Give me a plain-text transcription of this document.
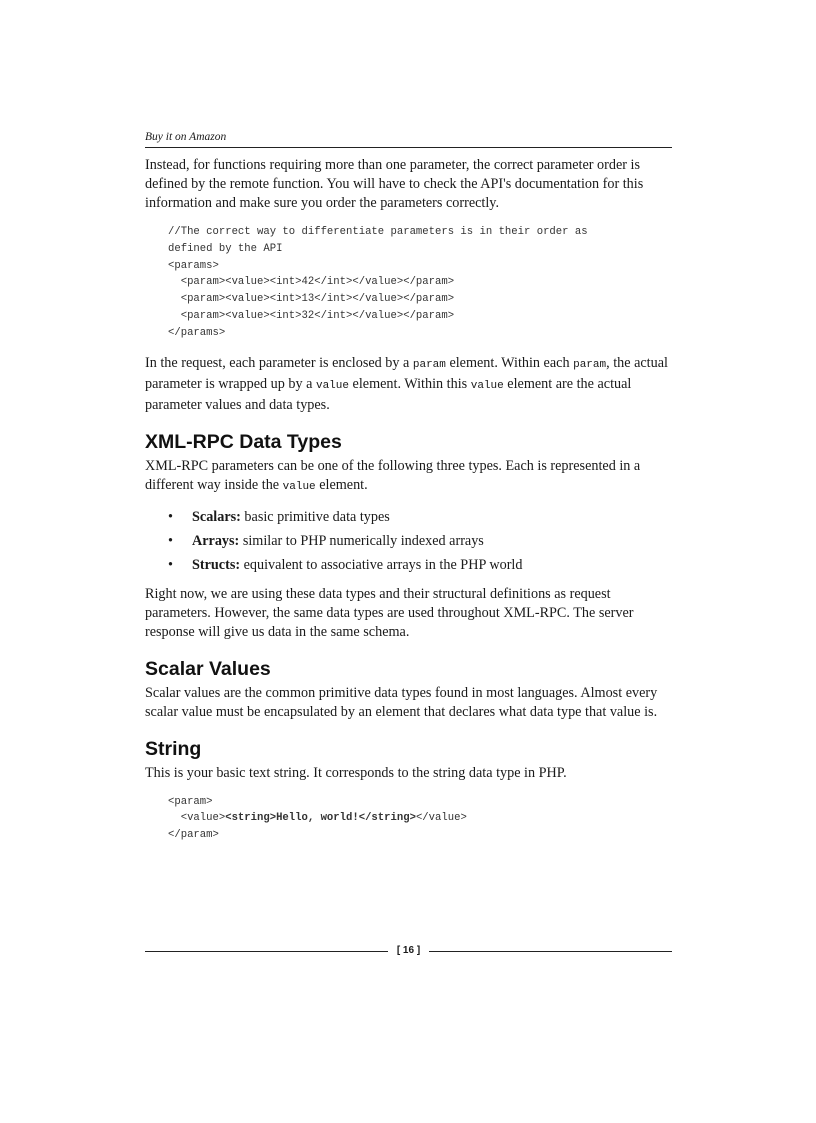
Buy it on Amazon

Instead, for functions requiring more than one parameter, the correct parameter order is defined by the remote function. You will have to check the API's documentation for this information and make sure you order the parameters correctly.

//The correct way to differentiate parameters is in their order as
defined by the API
<params>
<param><value><int>42</int></value></param>
<param><value><int>13</int></value></param>
<param><value><int>32</int></value></param>
</params>

In the request, each parameter is enclosed by a param element. Within each param, the actual parameter is wrapped up by a value element. Within this value element are the actual parameter values and data types.

XML-RPC Data Types

XML-RPC parameters can be one of the following three types. Each is represented in a different way inside the value element.

• Scalars: basic primitive data types
• Arrays: similar to PHP numerically indexed arrays
• Structs: equivalent to associative arrays in the PHP world

Right now, we are using these data types and their structural definitions as request parameters. However, the same data types are used throughout XML-RPC. The server response will give us data in the same schema.

Scalar Values

Scalar values are the common primitive data types found in most languages. Almost every scalar value must be encapsulated by an element that declares what data type that value is.

String

This is your basic text string. It corresponds to the string data type in PHP.

<param>
<value><string>Hello, world!</string></value>
</param>
[ 16 ]
